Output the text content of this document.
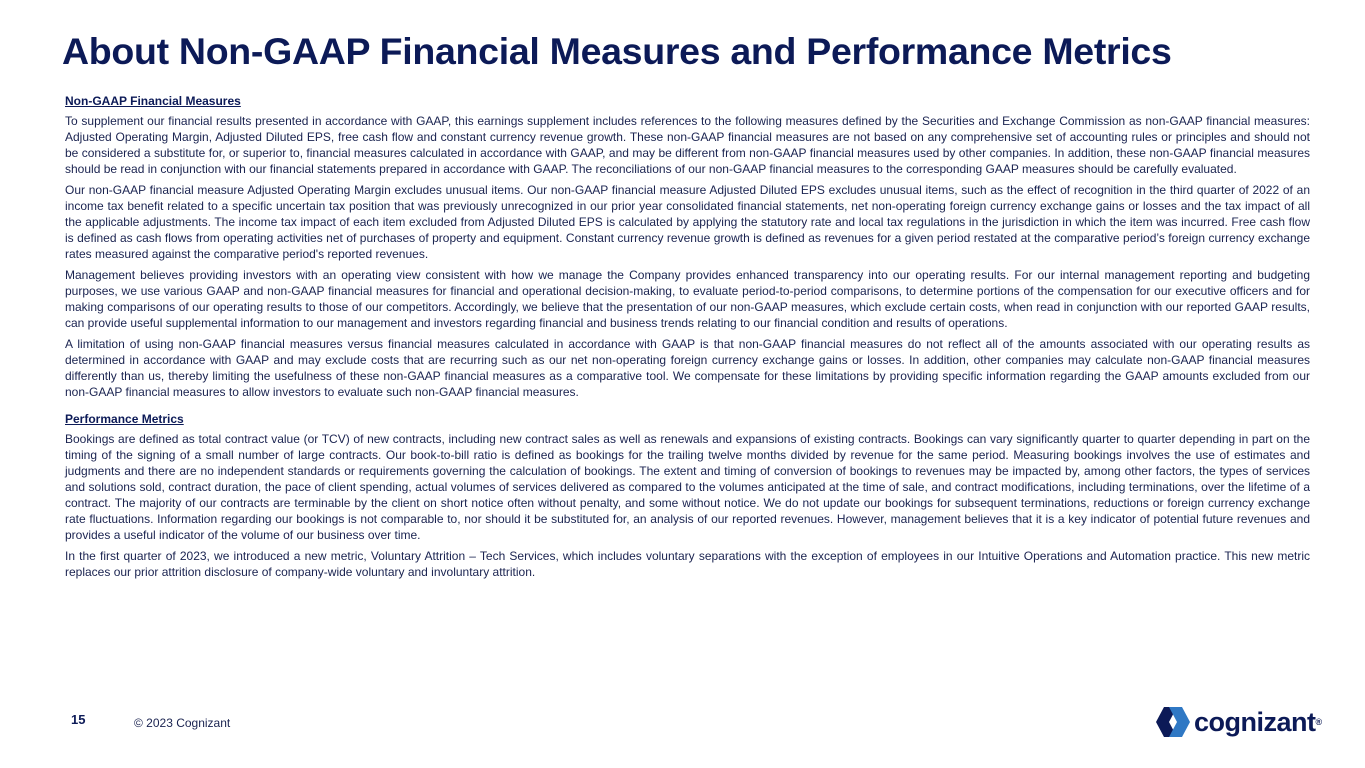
About Non-GAAP Financial Measures and Performance Metrics
Non-GAAP Financial Measures

To supplement our financial results presented in accordance with GAAP, this earnings supplement includes references to the following measures defined by the Securities and Exchange Commission as non-GAAP financial measures: Adjusted Operating Margin, Adjusted Diluted EPS, free cash flow and constant currency revenue growth. These non-GAAP financial measures are not based on any comprehensive set of accounting rules or principles and should not be considered a substitute for, or superior to, financial measures calculated in accordance with GAAP, and may be different from non-GAAP financial measures used by other companies. In addition, these non-GAAP financial measures should be read in conjunction with our financial statements prepared in accordance with GAAP. The reconciliations of our non-GAAP financial measures to the corresponding GAAP measures should be carefully evaluated.

Our non-GAAP financial measure Adjusted Operating Margin excludes unusual items. Our non-GAAP financial measure Adjusted Diluted EPS excludes unusual items, such as the effect of recognition in the third quarter of 2022 of an income tax benefit related to a specific uncertain tax position that was previously unrecognized in our prior year consolidated financial statements, net non-operating foreign currency exchange gains or losses and the tax impact of all the applicable adjustments. The income tax impact of each item excluded from Adjusted Diluted EPS is calculated by applying the statutory rate and local tax regulations in the jurisdiction in which the item was incurred. Free cash flow is defined as cash flows from operating activities net of purchases of property and equipment. Constant currency revenue growth is defined as revenues for a given period restated at the comparative period’s foreign currency exchange rates measured against the comparative period's reported revenues.

Management believes providing investors with an operating view consistent with how we manage the Company provides enhanced transparency into our operating results. For our internal management reporting and budgeting purposes, we use various GAAP and non-GAAP financial measures for financial and operational decision-making, to evaluate period-to-period comparisons, to determine portions of the compensation for our executive officers and for making comparisons of our operating results to those of our competitors. Accordingly, we believe that the presentation of our non-GAAP measures, which exclude certain costs, when read in conjunction with our reported GAAP results, can provide useful supplemental information to our management and investors regarding financial and business trends relating to our financial condition and results of operations.

A limitation of using non-GAAP financial measures versus financial measures calculated in accordance with GAAP is that non-GAAP financial measures do not reflect all of the amounts associated with our operating results as determined in accordance with GAAP and may exclude costs that are recurring such as our net non-operating foreign currency exchange gains or losses. In addition, other companies may calculate non-GAAP financial measures differently than us, thereby limiting the usefulness of these non-GAAP financial measures as a comparative tool. We compensate for these limitations by providing specific information regarding the GAAP amounts excluded from our non-GAAP financial measures to allow investors to evaluate such non-GAAP financial measures.

Performance Metrics

Bookings are defined as total contract value (or TCV) of new contracts, including new contract sales as well as renewals and expansions of existing contracts. Bookings can vary significantly quarter to quarter depending in part on the timing of the signing of a small number of large contracts. Our book-to-bill ratio is defined as bookings for the trailing twelve months divided by revenue for the same period. Measuring bookings involves the use of estimates and judgments and there are no independent standards or requirements governing the calculation of bookings. The extent and timing of conversion of bookings to revenues may be impacted by, among other factors, the types of services and solutions sold, contract duration, the pace of client spending, actual volumes of services delivered as compared to the volumes anticipated at the time of sale, and contract modifications, including terminations, over the lifetime of a contract. The majority of our contracts are terminable by the client on short notice often without penalty, and some without notice. We do not update our bookings for subsequent terminations, reductions or foreign currency exchange rate fluctuations. Information regarding our bookings is not comparable to, nor should it be substituted for, an analysis of our reported revenues. However, management believes that it is a key indicator of potential future revenues and provides a useful indicator of the volume of our business over time.

In the first quarter of 2023, we introduced a new metric, Voluntary Attrition – Tech Services, which includes voluntary separations with the exception of employees in our Intuitive Operations and Automation practice. This new metric replaces our prior attrition disclosure of company-wide voluntary and involuntary attrition.

15	© 2023 Cognizant	cognizant®
